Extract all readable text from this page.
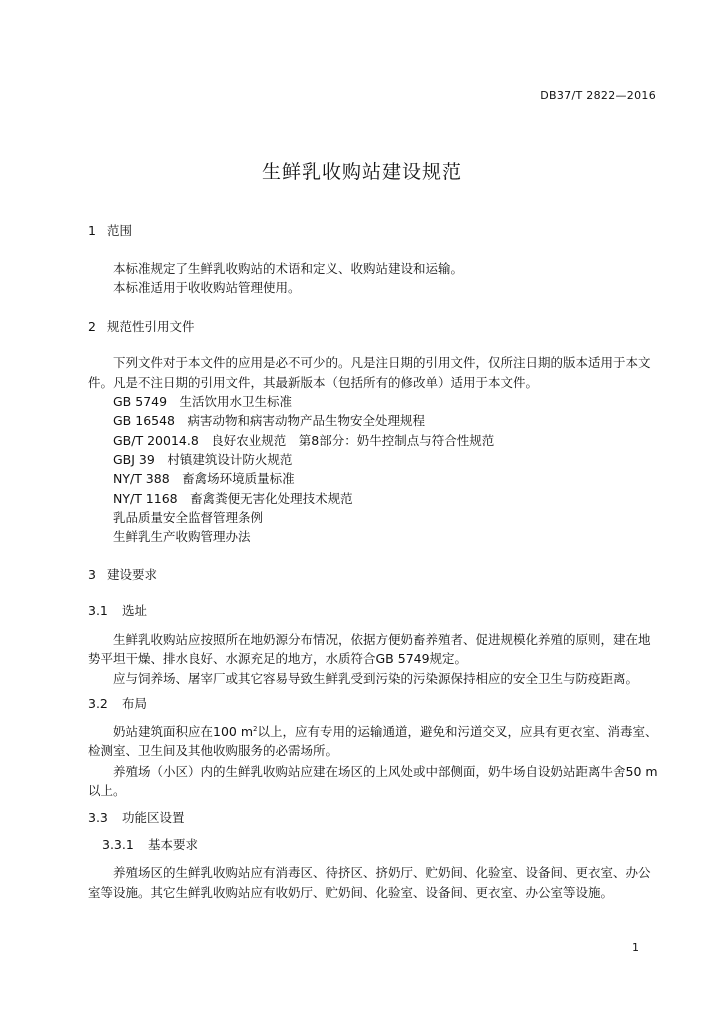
DB37/T 2822—2016
生鲜乳收购站建设规范
1 范围
本标准规定了生鲜乳收购站的术语和定义、收购站建设和运输。
本标准适用于收收购站管理使用。
2 规范性引用文件
下列文件对于本文件的应用是必不可少的。凡是注日期的引用文件，仅所注日期的版本适用于本文
件。凡是不注日期的引用文件，其最新版本（包括所有的修改单）适用于本文件。
GB 5749　生活饮用水卫生标准
GB 16548　病害动物和病害动物产品生物安全处理规程
GB/T 20014.8　良好农业规范　第8部分：奶牛控制点与符合性规范
GBJ 39　村镇建筑设计防火规范
NY/T 388　畜禽场环境质量标准
NY/T 1168　畜禽粪便无害化处理技术规范
乳品质量安全监督管理条例
生鲜乳生产收购管理办法
3 建设要求
3.1 选址
生鲜乳收购站应按照所在地奶源分布情况，依据方便奶畜养殖者、促进规模化养殖的原则，建在地
势平坦干燥、排水良好、水源充足的地方，水质符合GB 5749规定。
应与饲养场、屠宰厂或其它容易导致生鲜乳受到污染的污染源保持相应的安全卫生与防疫距离。
3.2 布局
奶站建筑面积应在100 $m^2$以上，应有专用的运输通道，避免和污道交叉，应具有更衣室、消毒室、
检测室、卫生间及其他收购服务的必需场所。
养殖场（小区）内的生鲜乳收购站应建在场区的上风处或中部侧面，奶牛场自设奶站距离牛舍50 m
以上。
3.3 功能区设置
3.3.1 基本要求
养殖场区的生鲜乳收购站应有消毒区、待挤区、挤奶厅、贮奶间、化验室、设备间、更衣室、办公
室等设施。其它生鲜乳收购站应有收奶厅、贮奶间、化验室、设备间、更衣室、办公室等设施。
1
